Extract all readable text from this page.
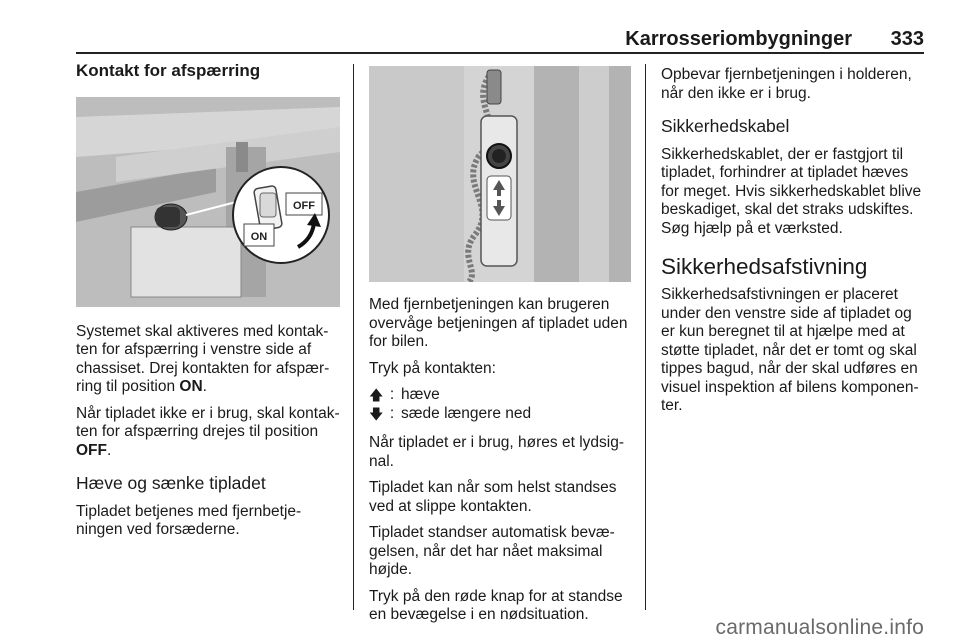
Karrosseriombygninger 333
Kontakt for afspærring
OFF
ON

Systemet skal aktiveres med kontak-ten for afspærring i venstre side af chassiset. Drej kontakten for afspær-ring til position ON.

Når tipladet ikke er i brug, skal kontak-ten for afspærring drejes til position OFF.

Hæve og sænke tipladet

Tipladet betjenes med fjernbetje-ningen ved forsæderne.

Med fjernbetjeningen kan brugeren overvåge betjeningen af tipladet uden for bilen.

Tryk på kontakten:

🡅 : hæve
🡇 : sæde længere ned

Når tipladet er i brug, høres et lydsig-nal.

Tipladet kan når som helst standses ved at slippe kontakten.

Tipladet standser automatisk bevæ-gelsen, når det har nået maksimal højde.

Tryk på den røde knap for at standse en bevægelse i en nødsituation.

Opbevar fjernbetjeningen i holderen, når den ikke er i brug.

Sikkerhedskabel

Sikkerhedskablet, der er fastgjort til tipladet, forhindrer at tipladet hæves for meget. Hvis sikkerhedskablet blive beskadiget, skal det straks udskiftes. Søg hjælp på et værksted.

Sikkerhedsafstivning

Sikkerhedsafstivningen er placeret under den venstre side af tipladet og er kun beregnet til at hjælpe med at støtte tipladet, når det er tomt og skal tippes bagud, når der skal udføres en visuel inspektion af bilens komponen-ter.

carmanualsonline.info
